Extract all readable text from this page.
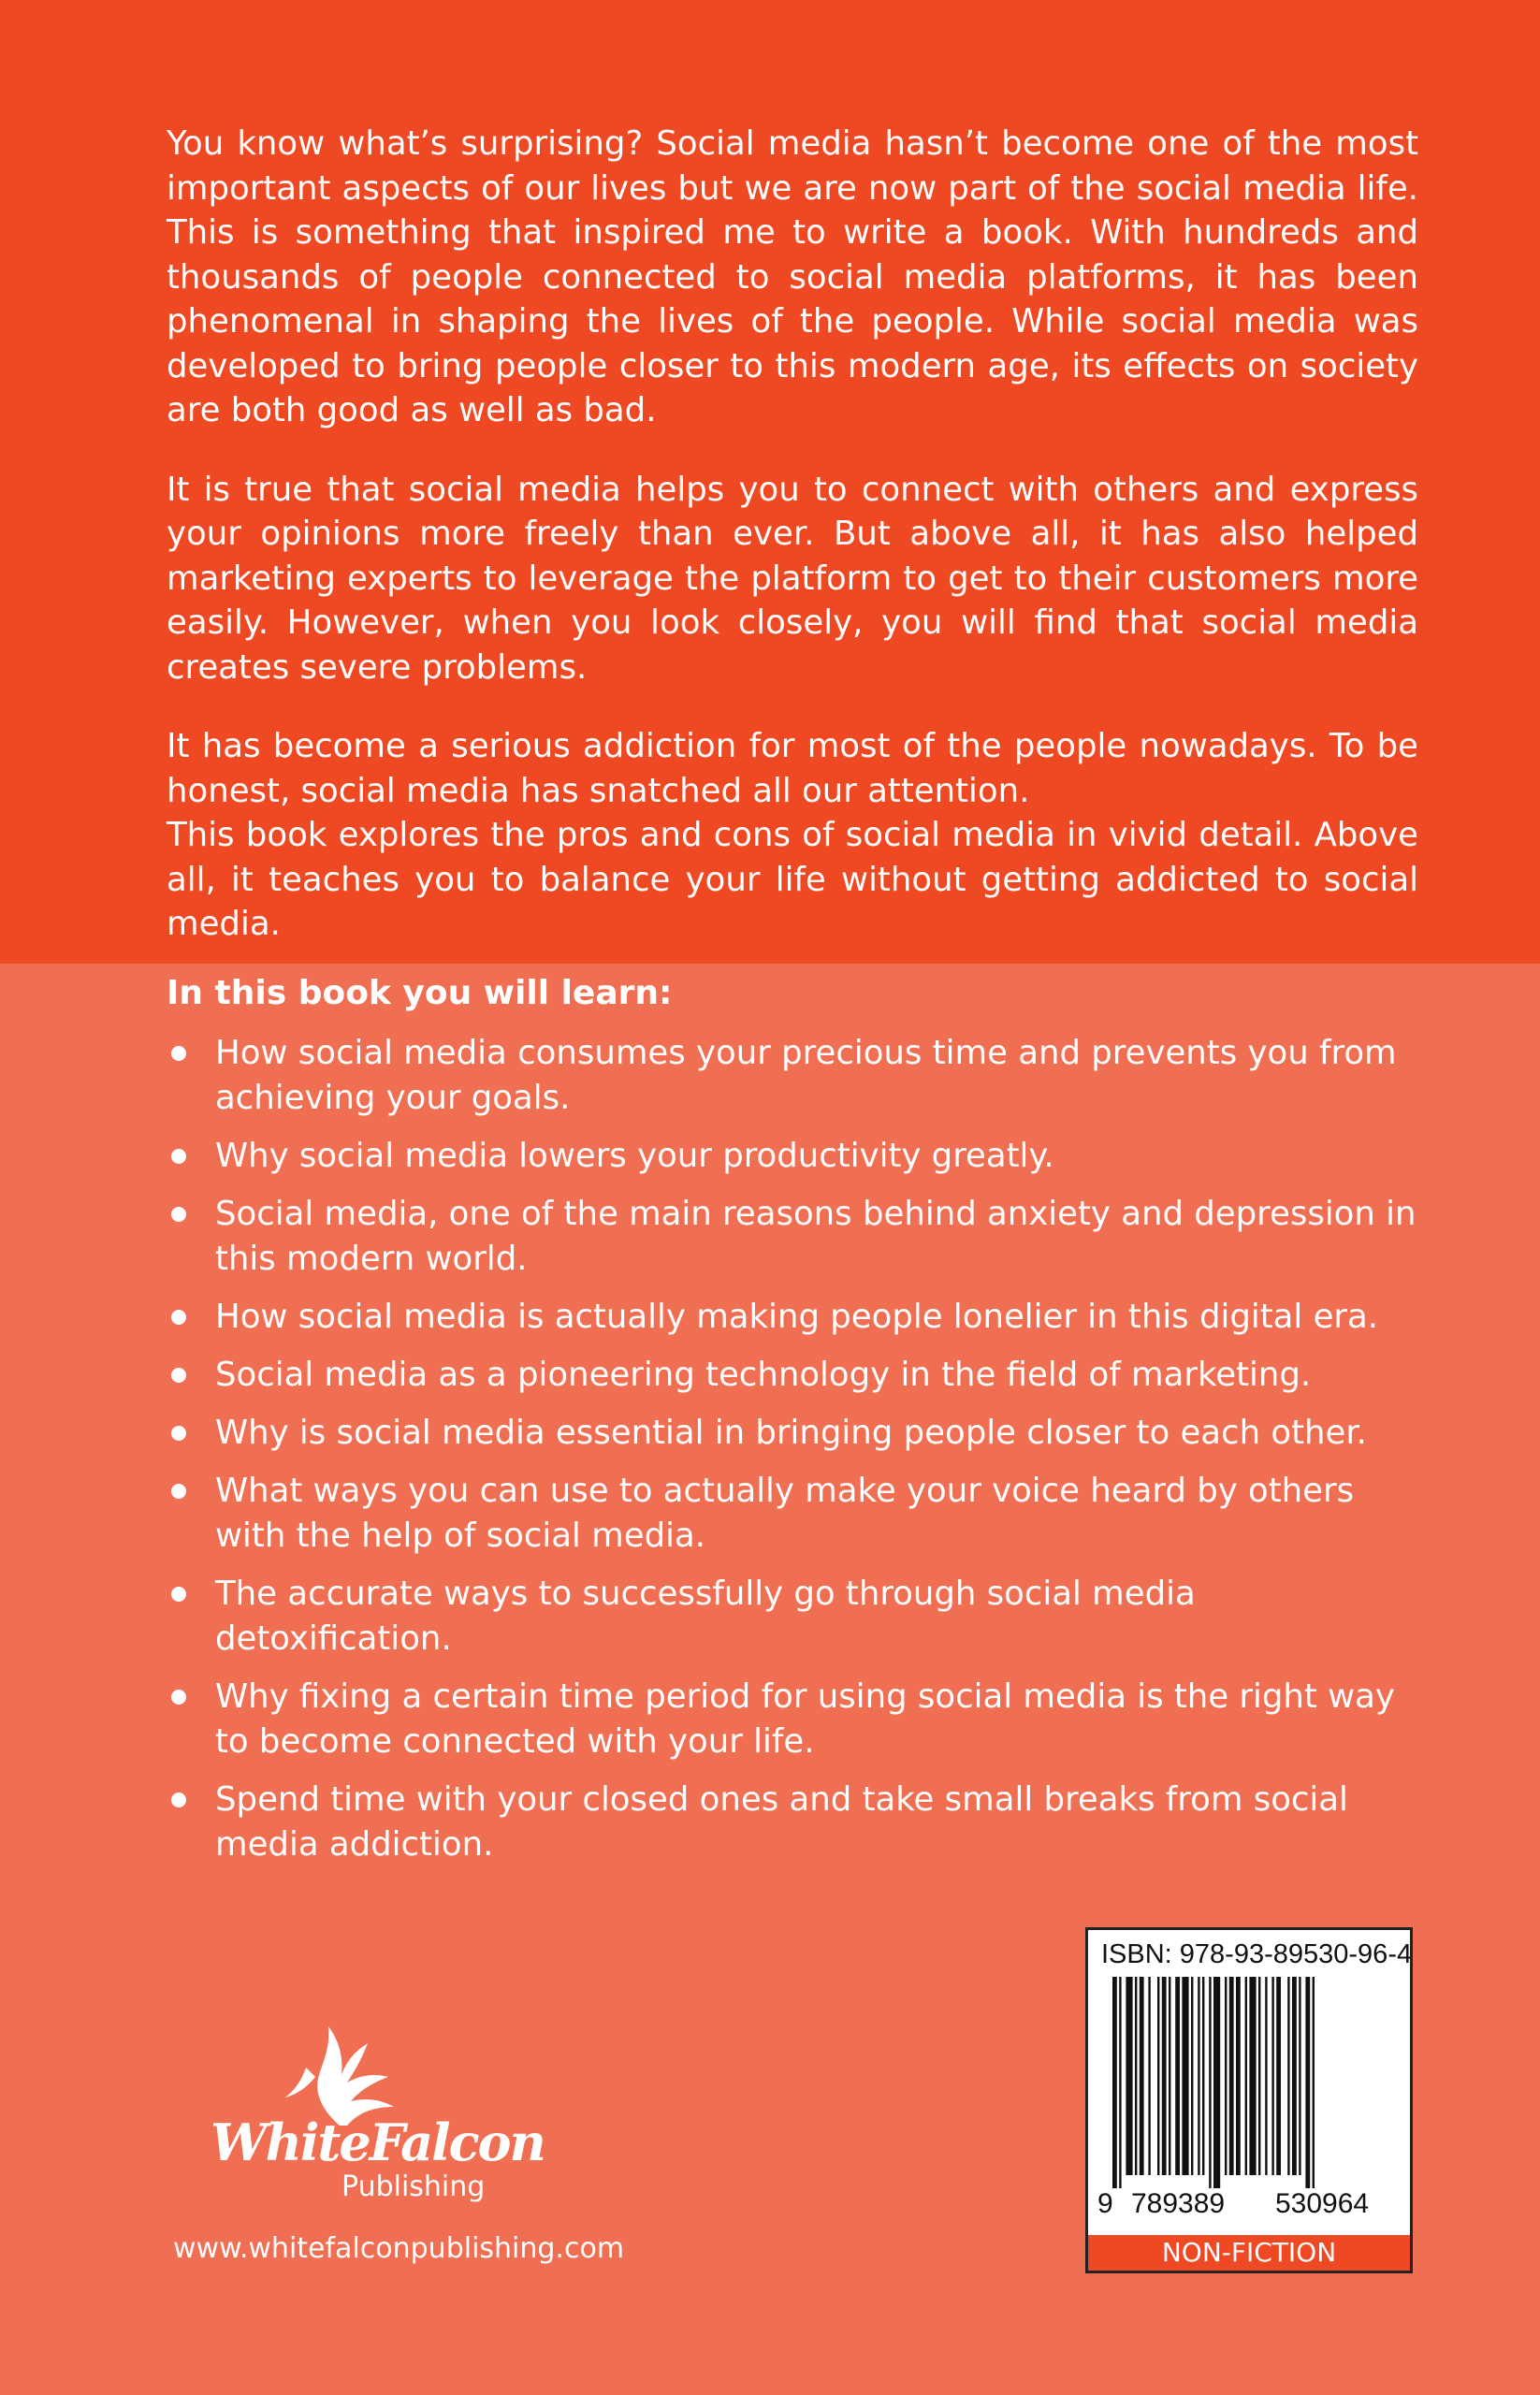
You know what’s surprising? Social media hasn’t become one of the most important aspects of our lives but we are now part of the social media life. This is something that inspired me to write a book. With hundreds and thousands of people connected to social media platforms, it has been phenomenal in shaping the lives of the people. While social media was developed to bring people closer to this modern age, its effects on society are both good as well as bad.

It is true that social media helps you to connect with others and express your opinions more freely than ever. But above all, it has also helped marketing experts to leverage the platform to get to their customers more easily. However, when you look closely, you will find that social media creates severe problems.

It has become a serious addiction for most of the people nowadays. To be honest, social media has snatched all our attention.

This book explores the pros and cons of social media in vivid detail. Above all, it teaches you to balance your life without getting addicted to social media.

In this book you will learn:
How social media consumes your precious time and prevents you from achieving your goals.
Why social media lowers your productivity greatly.
Social media, one of the main reasons behind anxiety and depression in this modern world.
How social media is actually making people lonelier in this digital era.
Social media as a pioneering technology in the field of marketing.
Why is social media essential in bringing people closer to each other.
What ways you can use to actually make your voice heard by others with the help of social media.
The accurate ways to successfully go through social media detoxification.
Why fixing a certain time period for using social media is the right way to become connected with your life.
Spend time with your closed ones and take small breaks from social media addiction.
WhiteFalcon
Publishing
www.whitefalconpublishing.com
ISBN: 978-93-89530-96-4
9 789389 530964
NON-FICTION
